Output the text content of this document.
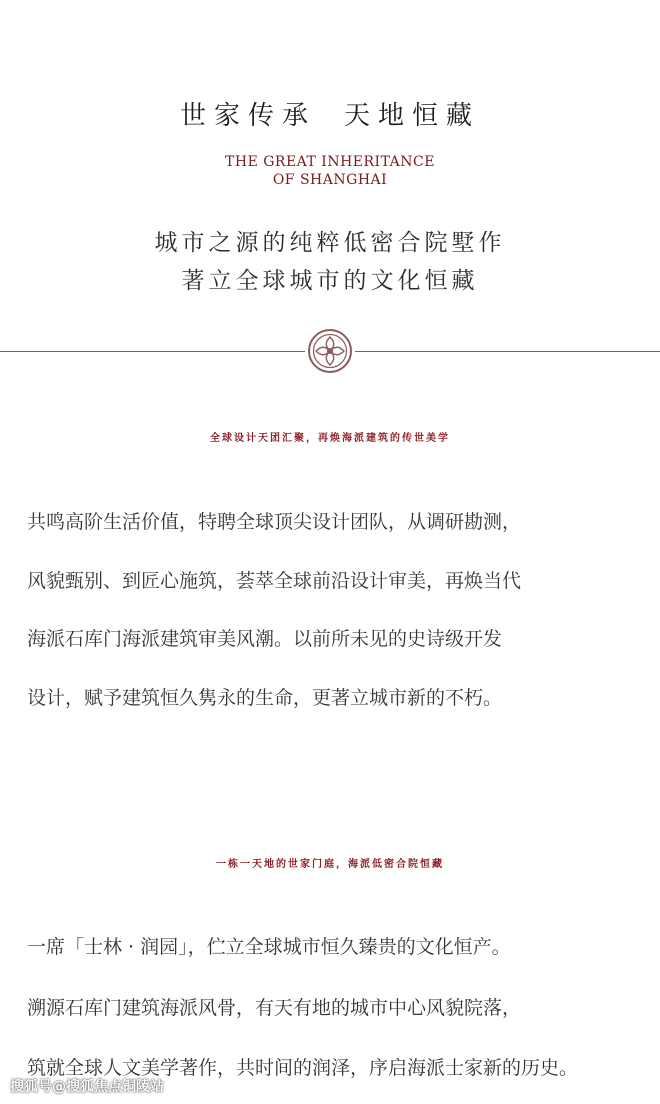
世家传承 天地恒藏
THE GREAT INHERITANCE
OF SHANGHAI
城市之源的纯粹低密合院墅作
著立全球城市的文化恒藏
全球设计天团汇聚，再焕海派建筑的传世美学
共鸣高阶生活价值，特聘全球顶尖设计团队，从调研勘测，
风貌甄别、到匠心施筑，荟萃全球前沿设计审美，再焕当代
海派石库门海派建筑审美风潮。以前所未见的史诗级开发
设计，赋予建筑恒久隽永的生命，更著立城市新的不朽。
一栋一天地的世家门庭，海派低密合院恒藏
一席「士林 · 润园」，伫立全球城市恒久臻贵的文化恒产。
溯源石库门建筑海派风骨，有天有地的城市中心风貌院落，
筑就全球人文美学著作，共时间的润泽，序启海派士家新的历史。
搜狐号@搜狐焦点铜陵站
